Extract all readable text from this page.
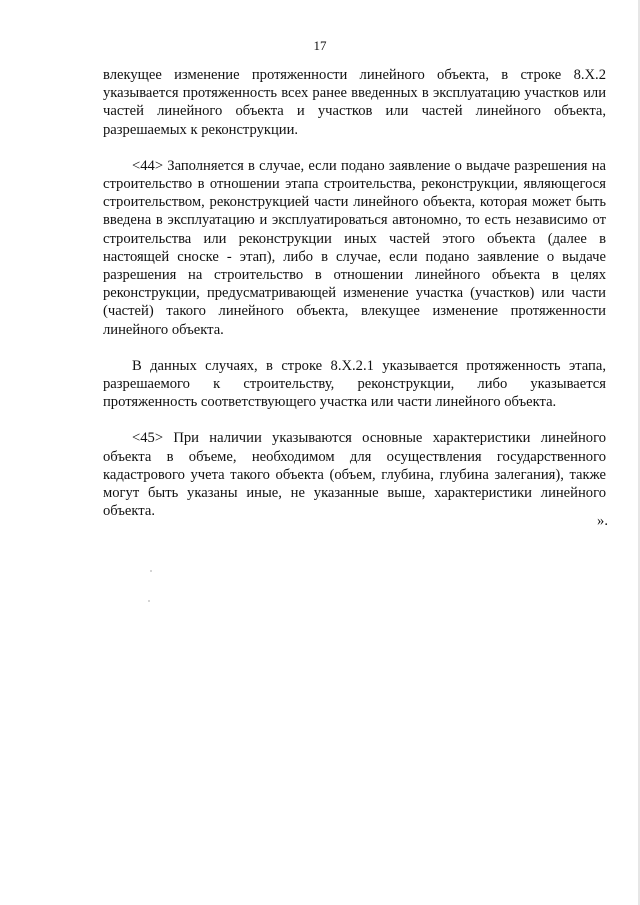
17

влекущее изменение протяженности линейного объекта, в строке 8.Х.2 указывается протяженность всех ранее введенных в эксплуатацию участков или частей линейного объекта и участков или частей линейного объекта, разрешаемых к реконструкции.

<44> Заполняется в случае, если подано заявление о выдаче разрешения на строительство в отношении этапа строительства, реконструкции, являющегося строительством, реконструкцией части линейного объекта, которая может быть введена в эксплуатацию и эксплуатироваться автономно, то есть независимо от строительства или реконструкции иных частей этого объекта (далее в настоящей сноске - этап), либо в случае, если подано заявление о выдаче разрешения на строительство в отношении линейного объекта в целях реконструкции, предусматривающей изменение участка (участков) или части (частей) такого линейного объекта, влекущее изменение протяженности линейного объекта.

В данных случаях, в строке 8.Х.2.1 указывается протяженность этапа, разрешаемого к строительству, реконструкции, либо указывается протяженность соответствующего участка или части линейного объекта.

<45> При наличии указываются основные характеристики линейного объекта в объеме, необходимом для осуществления государственного кадастрового учета такого объекта (объем, глубина, глубина залегания), также могут быть указаны иные, не указанные выше, характеристики линейного объекта.

».
